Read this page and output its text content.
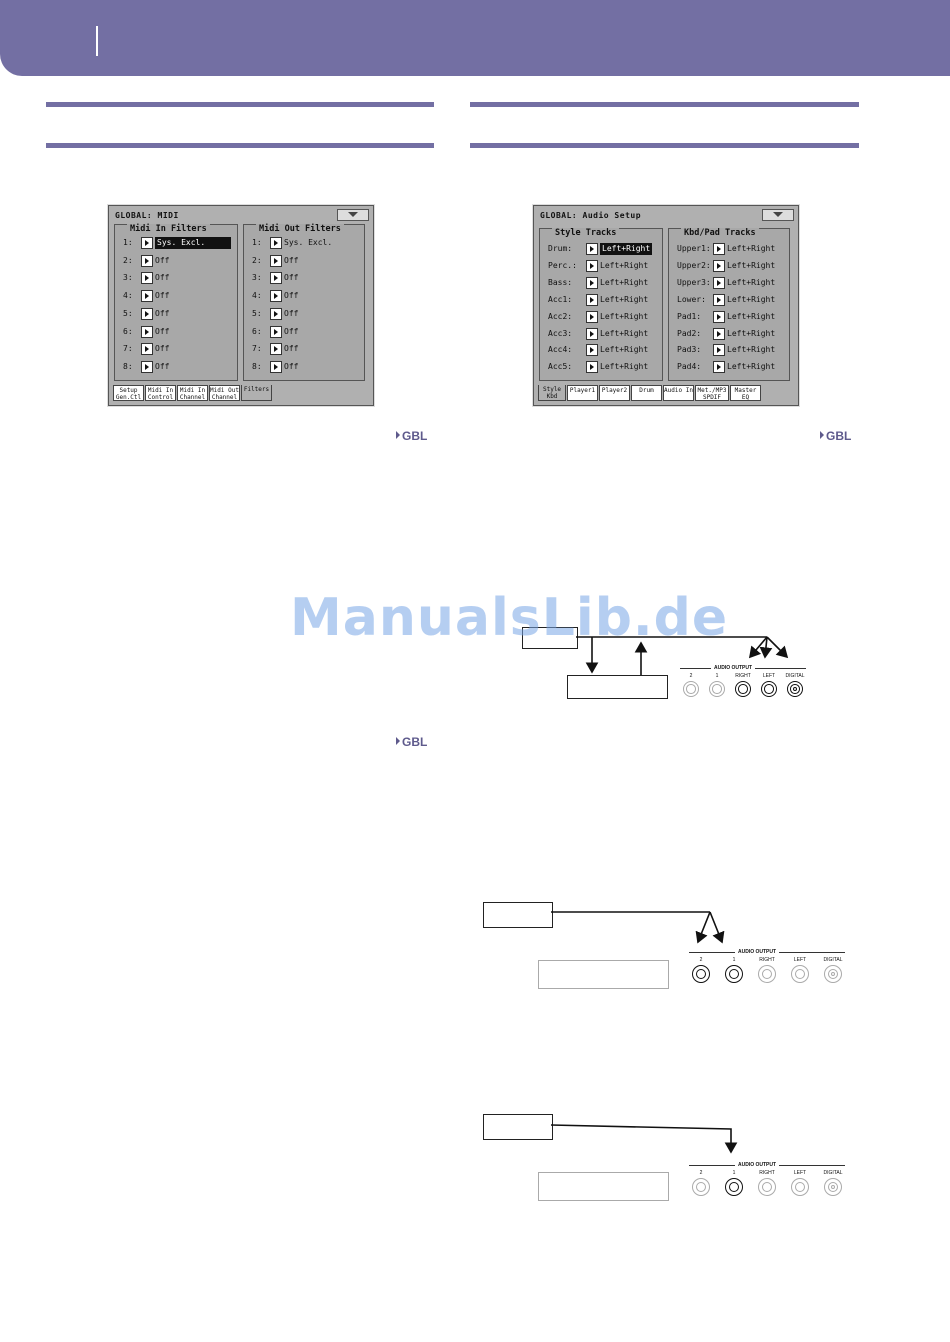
GLOBAL: MIDI
Midi In Filters
1:	Sys. Excl.
2:	Off
3:	Off
4:	Off
5:	Off
6:	Off
7:	Off
8:	Off
Midi Out Filters
1:	Sys. Excl.
2:	Off
3:	Off
4:	Off
5:	Off
6:	Off
7:	Off
8:	Off
Setup
Gen.Ctl
Midi In
Control
Midi In
Channel
Midi Out
Channel
Filters
GLOBAL: Audio Setup
Style Tracks
Drum:	Left+Right
Perc.:	Left+Right
Bass:	Left+Right
Acc1:	Left+Right
Acc2:	Left+Right
Acc3:	Left+Right
Acc4:	Left+Right
Acc5:	Left+Right
Kbd/Pad Tracks
Upper1: Left+Right
Upper2: Left+Right
Upper3: Left+Right
Lower:	Left+Right
Pad1:	Left+Right
Pad2:	Left+Right
Pad3:	Left+Right
Pad4:	Left+Right
Style
Kbd
Player1	Player2	Drum	Audio In Met./MP3
SPDIF
Master
EQ
GBL	GBL
GBL
AUDIO OUTPUT
2	1	RIGHT	LEFT	DIGITAL
AUDIO OUTPUT
2	1	RIGHT	LEFT	DIGITAL
AUDIO OUTPUT
2	1	RIGHT	LEFT	DIGITAL
ManualsLib.de
